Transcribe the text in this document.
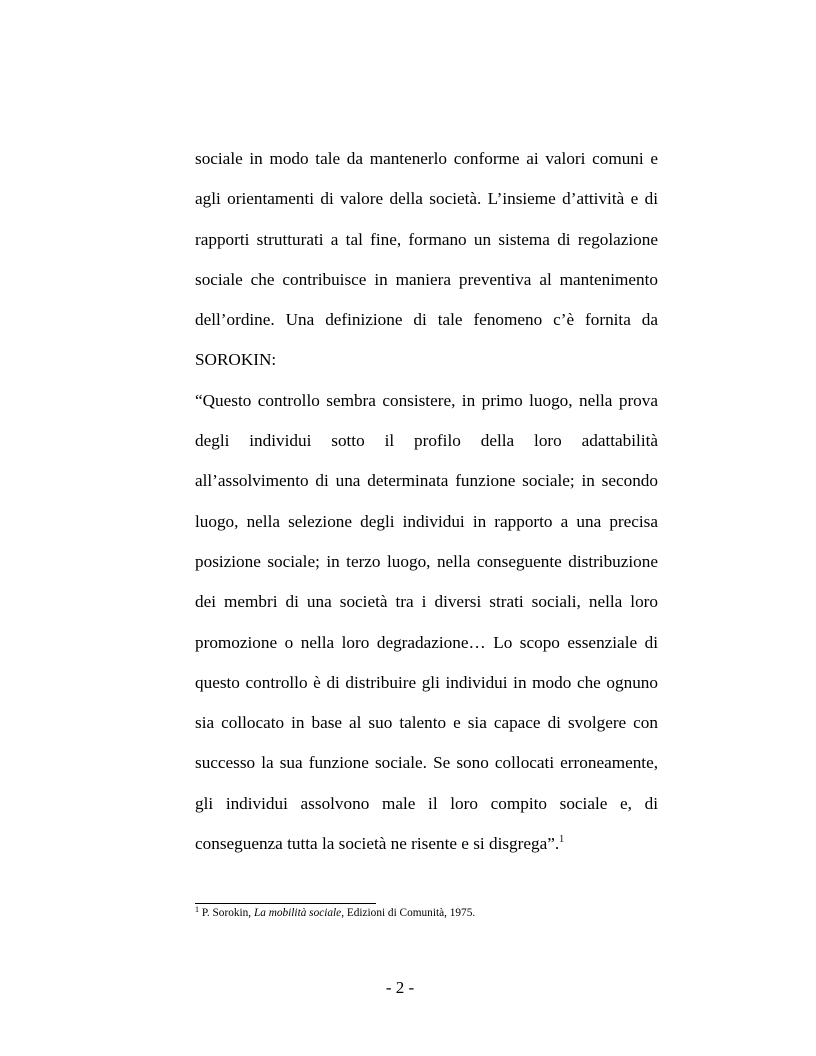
sociale in modo tale da mantenerlo conforme ai valori comuni e
agli orientamenti di valore della società. L’insieme d’attività e di
rapporti strutturati a tal fine, formano un sistema di regolazione
sociale che contribuisce in maniera preventiva al mantenimento
dell’ordine. Una definizione di tale fenomeno c’è fornita da
SOROKIN:
“Questo controllo sembra consistere, in primo luogo, nella prova
degli individui sotto il profilo della loro adattabilità
all’assolvimento di una determinata funzione sociale; in secondo
luogo, nella selezione degli individui in rapporto a una precisa
posizione sociale; in terzo luogo, nella conseguente distribuzione
dei membri di una società tra i diversi strati sociali, nella loro
promozione o nella loro degradazione… Lo scopo essenziale di
questo controllo è di distribuire gli individui in modo che ognuno
sia collocato in base al suo talento e sia capace di svolgere con
successo la sua funzione sociale. Se sono collocati erroneamente,
gli individui assolvono male il loro compito sociale e, di
conseguenza tutta la società ne risente e si disgrega”.$^1$
$^1$ P. Sorokin, La mobilità sociale, Edizioni di Comunità, 1975.
- 2 -
